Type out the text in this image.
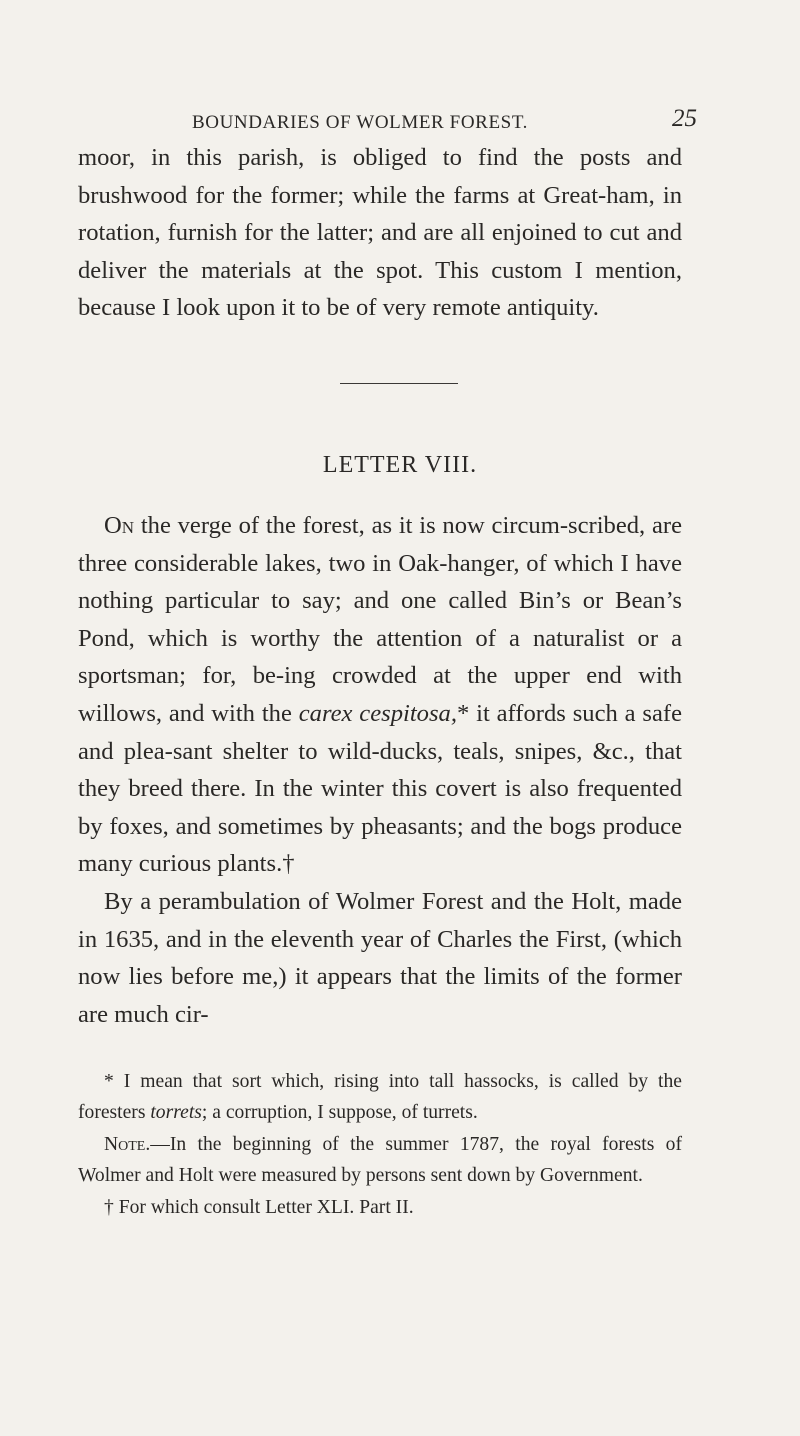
BOUNDARIES OF WOLMER FOREST.	25

moor, in this parish, is obliged to find the posts and brushwood for the former; while the farms at Great-ham, in rotation, furnish for the latter; and are all enjoined to cut and deliver the materials at the spot. This custom I mention, because I look upon it to be of very remote antiquity.

LETTER VIII.

On the verge of the forest, as it is now circum-scribed, are three considerable lakes, two in Oak-hanger, of which I have nothing particular to say; and one called Bin’s or Bean’s Pond, which is worthy the attention of a naturalist or a sportsman; for, be-ing crowded at the upper end with willows, and with the carex cespitosa,* it affords such a safe and plea-sant shelter to wild-ducks, teals, snipes, &c., that they breed there. In the winter this covert is also frequented by foxes, and sometimes by pheasants; and the bogs produce many curious plants.†

By a perambulation of Wolmer Forest and the Holt, made in 1635, and in the eleventh year of Charles the First, (which now lies before me,) it appears that the limits of the former are much cir-

* I mean that sort which, rising into tall hassocks, is called by the foresters torrets; a corruption, I suppose, of turrets.

Note.—In the beginning of the summer 1787, the royal forests of Wolmer and Holt were measured by persons sent down by Government.

† For which consult Letter XLI. Part II.
